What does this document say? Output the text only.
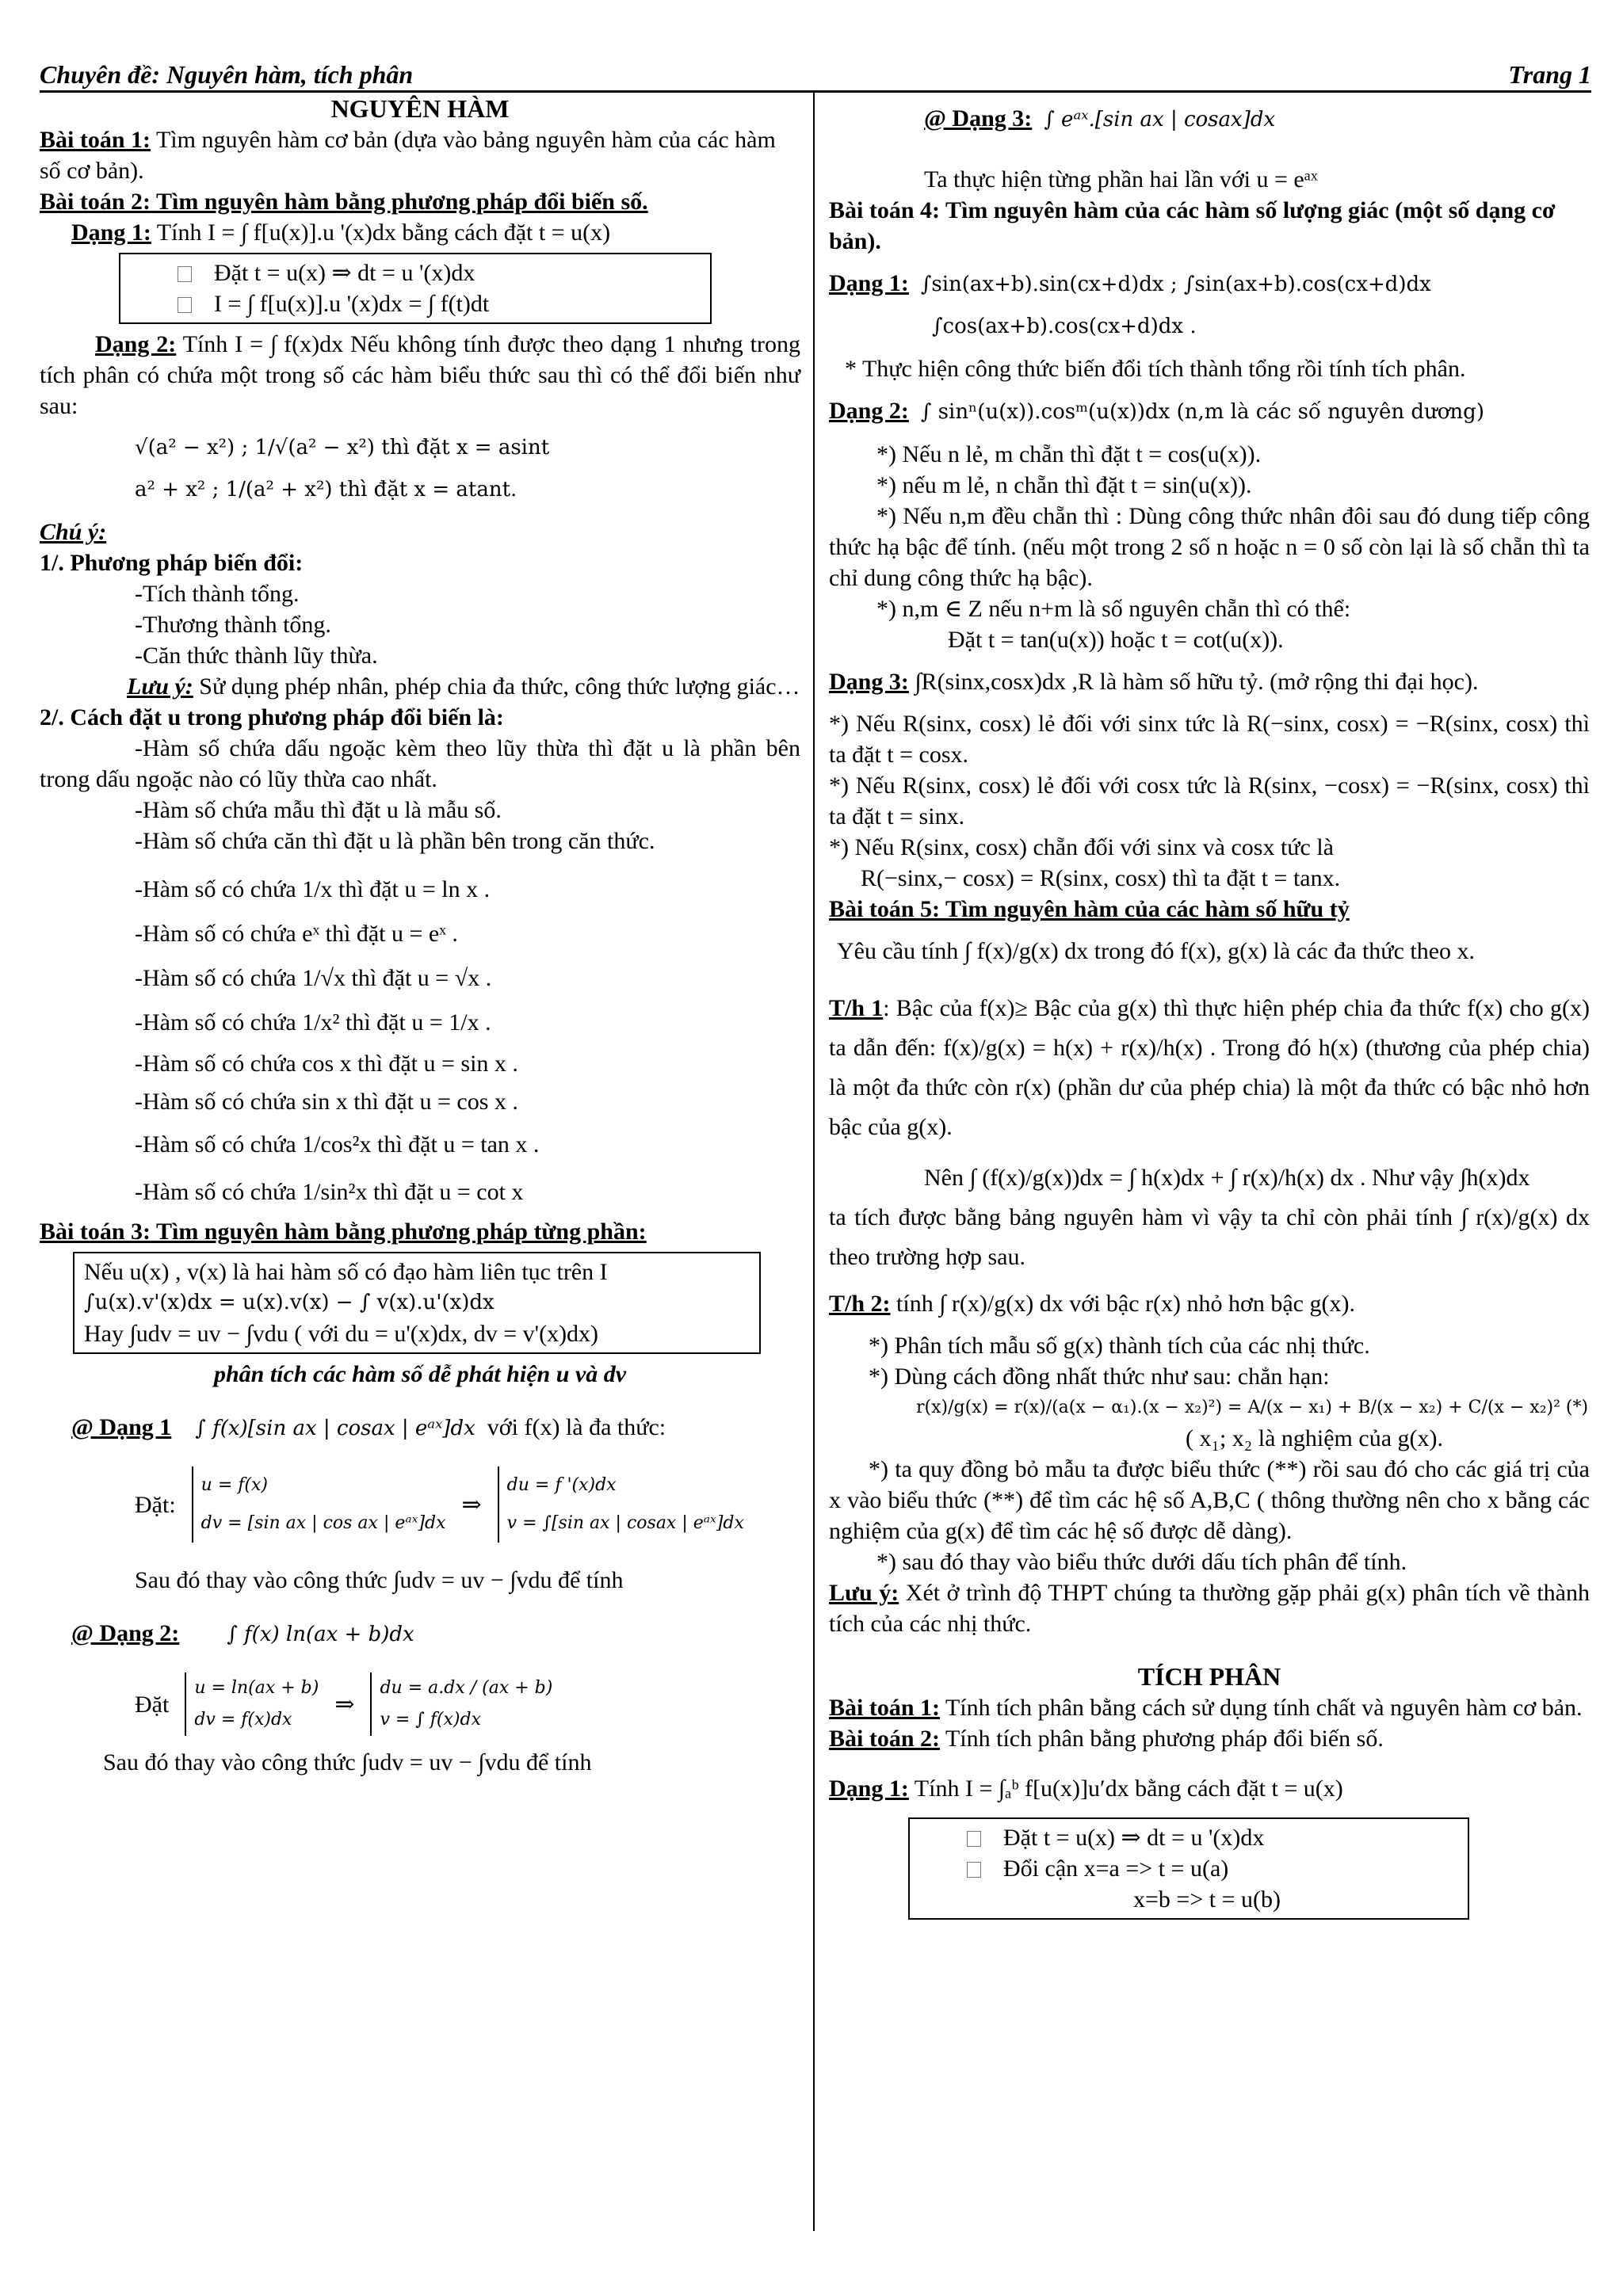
Chuyên đề: Nguyên hàm, tích phân	Trang 1

NGUYÊN HÀM

Bài toán 1: Tìm nguyên hàm cơ bản (dựa vào bảng nguyên hàm của các hàm số cơ bản).

Bài toán 2: Tìm nguyên hàm bằng phương pháp đổi biến số.

Dạng 1: Tính I = ∫ f[u(x)].u '(x)dx bằng cách đặt t = u(x)

Đặt t = u(x) ⇒ dt = u '(x)dx

I = ∫ f[u(x)].u '(x)dx = ∫ f(t)dt

Dạng 2: Tính I = ∫ f(x)dx Nếu không tính được theo dạng 1 nhưng trong tích phân có chứa một trong số các hàm biểu thức sau thì có thể đổi biến như sau:

√(a² − x²) ; 1/√(a² − x²) thì đặt x = asint

a² + x² ; 1/(a² + x²) thì đặt x = atant.

Chú ý:

1/. Phương pháp biến đổi:

-Tích thành tổng.

-Thương thành tổng.

-Căn thức thành lũy thừa.

Lưu ý: Sử dụng phép nhân, phép chia đa thức, công thức lượng giác…

2/. Cách đặt u trong phương pháp đổi biến là:

-Hàm số chứa dấu ngoặc kèm theo lũy thừa thì đặt u là phần bên trong dấu ngoặc nào có lũy thừa cao nhất.

-Hàm số chứa mẫu thì đặt u là mẫu số.

-Hàm số chứa căn thì đặt u là phần bên trong căn thức.

-Hàm số có chứa 1/x thì đặt u = ln x .

-Hàm số có chứa eˣ thì đặt u = eˣ .

-Hàm số có chứa 1/√x thì đặt u = √x .

-Hàm số có chứa 1/x² thì đặt u = 1/x .

-Hàm số có chứa cos x thì đặt u = sin x .

-Hàm số có chứa sin x thì đặt u = cos x .

-Hàm số có chứa 1/cos²x thì đặt u = tan x .

-Hàm số có chứa 1/sin²x thì đặt u = cot x

Bài toán 3: Tìm nguyên hàm bằng phương pháp từng phần:

Nếu u(x) , v(x) là hai hàm số có đạo hàm liên tục trên I

∫u(x).v'(x)dx = u(x).v(x) − ∫ v(x).u'(x)dx

Hay ∫udv = uv − ∫vdu ( với du = u'(x)dx, dv = v'(x)dx)

phân tích các hàm số dễ phát hiện u và dv

@ Dạng 1 ∫ f(x)[sin ax | cosax | eᵃˣ]dx với f(x) là đa thức:

Đặt:

u = f(x)

dv = [sin ax | cos ax | eᵃˣ]dx

⇒

du = f '(x)dx

v = ∫[sin ax | cosax | eᵃˣ]dx

Sau đó thay vào công thức ∫udv = uv − ∫vdu để tính

@ Dạng 2: ∫ f(x) ln(ax + b)dx

Đặt

u = ln(ax + b)

dv = f(x)dx

⇒

du = a.dx / (ax + b)

v = ∫ f(x)dx

Sau đó thay vào công thức ∫udv = uv − ∫vdu để tính

@ Dạng 3: ∫ eᵃˣ.[sin ax | cosax]dx

Ta thực hiện từng phần hai lần với u = eᵃˣ

Bài toán 4: Tìm nguyên hàm của các hàm số lượng giác (một số dạng cơ bản).

Dạng 1: ∫sin(ax+b).sin(cx+d)dx ; ∫sin(ax+b).cos(cx+d)dx

∫cos(ax+b).cos(cx+d)dx .

* Thực hiện công thức biến đổi tích thành tổng rồi tính tích phân.

Dạng 2: ∫ sinⁿ(u(x)).cosᵐ(u(x))dx (n,m là các số nguyên dương)

*) Nếu n lẻ, m chẵn thì đặt t = cos(u(x)).

*) nếu m lẻ, n chẵn thì đặt t = sin(u(x)).

*) Nếu n,m đều chẵn thì : Dùng công thức nhân đôi sau đó dung tiếp công thức hạ bậc để tính. (nếu một trong 2 số n hoặc n = 0 số còn lại là số chẵn thì ta chỉ dung công thức hạ bậc).

*) n,m ∈ Z nếu n+m là số nguyên chẵn thì có thể:

Đặt t = tan(u(x)) hoặc t = cot(u(x)).

Dạng 3: ∫R(sinx,cosx)dx ,R là hàm số hữu tỷ. (mở rộng thi đại học).

*) Nếu R(sinx, cosx) lẻ đối với sinx tức là R(−sinx, cosx) = −R(sinx, cosx) thì ta đặt t = cosx.

*) Nếu R(sinx, cosx) lẻ đối với cosx tức là R(sinx, −cosx) = −R(sinx, cosx) thì ta đặt t = sinx.

*) Nếu R(sinx, cosx) chẵn đối với sinx và cosx tức là

R(−sinx,− cosx) = R(sinx, cosx) thì ta đặt t = tanx.

Bài toán 5: Tìm nguyên hàm của các hàm số hữu tỷ

Yêu cầu tính ∫ f(x)/g(x) dx trong đó f(x), g(x) là các đa thức theo x.

T/h 1: Bậc của f(x)≥ Bậc của g(x) thì thực hiện phép chia đa thức f(x) cho g(x) ta dẫn đến: f(x)/g(x) = h(x) + r(x)/h(x) . Trong đó h(x) (thương của phép chia) là một đa thức còn r(x) (phần dư của phép chia) là một đa thức có bậc nhỏ hơn bậc của g(x).

Nên ∫ (f(x)/g(x))dx = ∫ h(x)dx + ∫ r(x)/h(x) dx . Như vậy ∫h(x)dx

ta tích được bằng bảng nguyên hàm vì vậy ta chỉ còn phải tính ∫ r(x)/g(x) dx theo trường hợp sau.

T/h 2: tính ∫ r(x)/g(x) dx với bậc r(x) nhỏ hơn bậc g(x).

*) Phân tích mẫu số g(x) thành tích của các nhị thức.

*) Dùng cách đồng nhất thức như sau: chẳn hạn:

r(x)/g(x) = r(x)/(a(x − α₁).(x − x₂)²) = A/(x − x₁) + B/(x − x₂) + C/(x − x₂)² (*)

( x₁; x₂ là nghiệm của g(x).

*) ta quy đồng bỏ mẫu ta được biểu thức (**) rồi sau đó cho các giá trị của x vào biểu thức (**) để tìm các hệ số A,B,C ( thông thường nên cho x bằng các nghiệm của g(x) để tìm các hệ số được dễ dàng).

*) sau đó thay vào biểu thức dưới dấu tích phân để tính.

Lưu ý: Xét ở trình độ THPT chúng ta thường gặp phải g(x) phân tích về thành tích của các nhị thức.

TÍCH PHÂN

Bài toán 1: Tính tích phân bằng cách sử dụng tính chất và nguyên hàm cơ bản.

Bài toán 2: Tính tích phân bằng phương pháp đổi biến số.

Dạng 1: Tính I = ∫ₐᵇ f[u(x)]u′dx bằng cách đặt t = u(x)

Đặt t = u(x) ⇒ dt = u '(x)dx

Đổi cận x=a => t = u(a)

x=b => t = u(b)
